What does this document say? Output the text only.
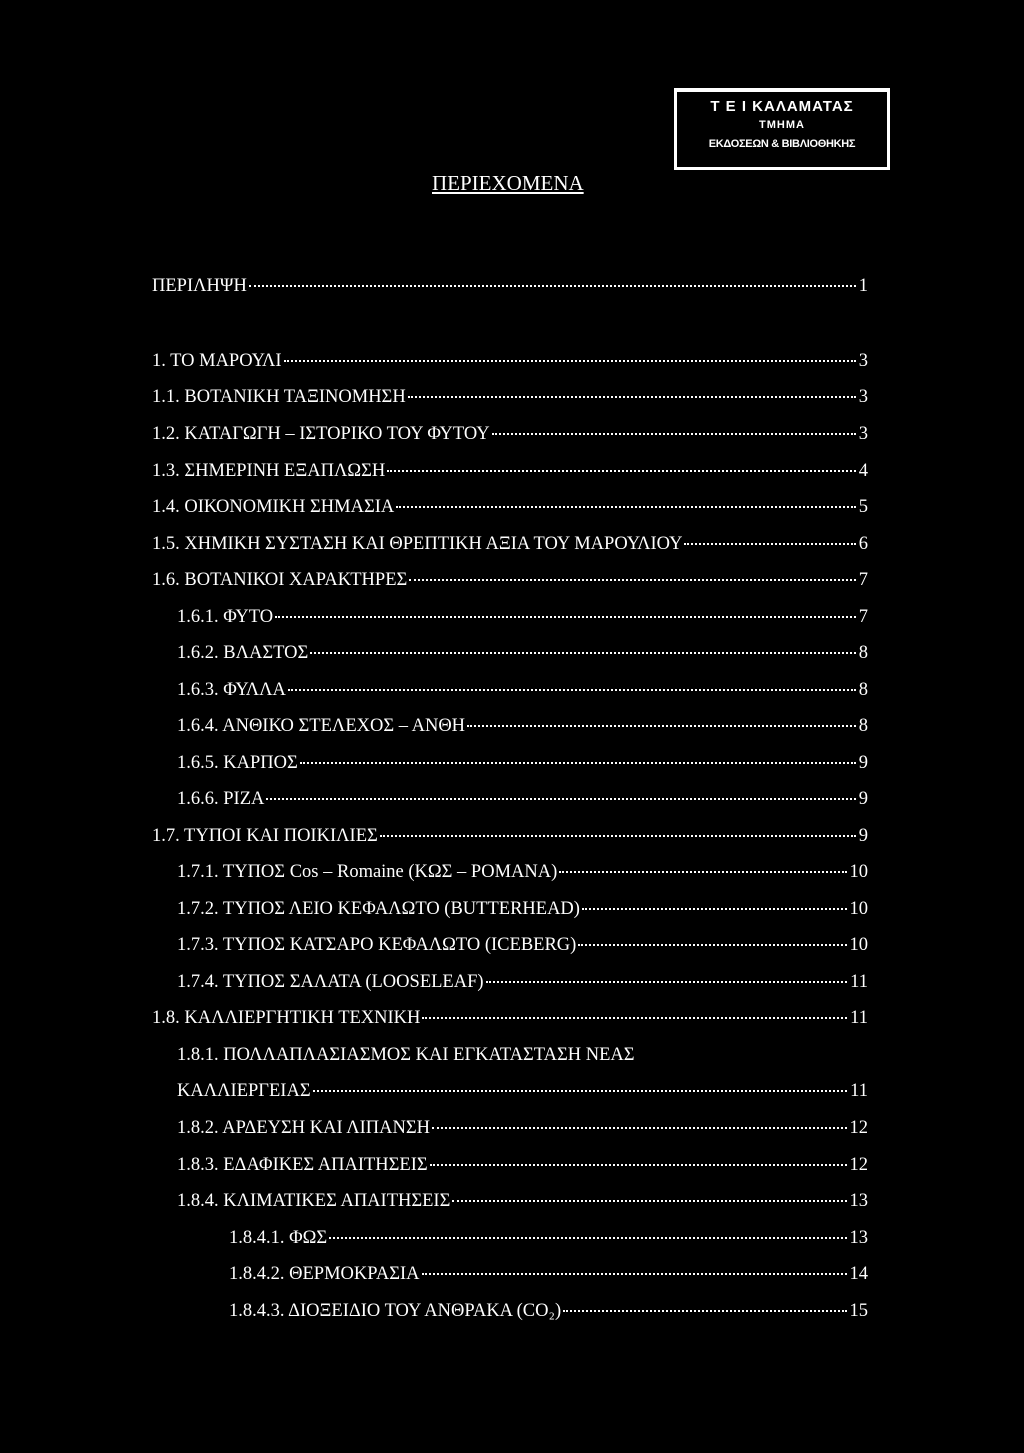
Τ Ε Ι ΚΑΛΑΜΑΤΑΣ
ΤΜΗΜΑ
ΕΚΔΟΣΕΩΝ & ΒΙΒΛΙΟΘΗΚΗΣ
ΠΕΡΙΕΧΟΜΕΝΑ
ΠΕΡΙΛΗΨΗ	1
1. ΤΟ ΜΑΡΟΥΛΙ	3
1.1. ΒΟΤΑΝΙΚΗ ΤΑΞΙΝΟΜΗΣΗ	3
1.2. ΚΑΤΑΓΩΓΗ – ΙΣΤΟΡΙΚΟ ΤΟΥ ΦΥΤΟΥ	3
1.3. ΣΗΜΕΡΙΝΗ ΕΞΑΠΛΩΣΗ	4
1.4. ΟΙΚΟΝΟΜΙΚΗ ΣΗΜΑΣΙΑ	5
1.5. ΧΗΜΙΚΗ ΣΥΣΤΑΣΗ ΚΑΙ ΘΡΕΠΤΙΚΗ ΑΞΙΑ ΤΟΥ ΜΑΡΟΥΛΙΟΥ	6
1.6. ΒΟΤΑΝΙΚΟΙ ΧΑΡΑΚΤΗΡΕΣ	7
1.6.1. ΦΥΤΟ	7
1.6.2. ΒΛΑΣΤΟΣ	8
1.6.3. ΦΥΛΛΑ	8
1.6.4. ΑΝΘΙΚΟ ΣΤΕΛΕΧΟΣ – ΑΝΘΗ	8
1.6.5. ΚΑΡΠΟΣ	9
1.6.6. ΡΙΖΑ	9
1.7. ΤΥΠΟΙ ΚΑΙ ΠΟΙΚΙΛΙΕΣ	9
1.7.1. ΤΥΠΟΣ Cos – Romaine (ΚΩΣ – ΡΟΜΑΝΑ)	10
1.7.2. ΤΥΠΟΣ ΛΕΙΟ ΚΕΦΑΛΩΤΟ (BUTTERHEAD)	10
1.7.3. ΤΥΠΟΣ ΚΑΤΣΑΡΟ ΚΕΦΑΛΩΤΟ (ICEBERG)	10
1.7.4. ΤΥΠΟΣ ΣΑΛΑΤΑ (LOOSELEAF)	11
1.8. ΚΑΛΛΙΕΡΓΗΤΙΚΗ ΤΕΧΝΙΚΗ	11
1.8.1. ΠΟΛΛΑΠΛΑΣΙΑΣΜΟΣ ΚΑΙ ΕΓΚΑΤΑΣΤΑΣΗ ΝΕΑΣ
ΚΑΛΛΙΕΡΓΕΙΑΣ	11
1.8.2. ΑΡΔΕΥΣΗ ΚΑΙ ΛΙΠΑΝΣΗ	12
1.8.3. ΕΔΑΦΙΚΕΣ ΑΠΑΙΤΗΣΕΙΣ	12
1.8.4. ΚΛΙΜΑΤΙΚΕΣ ΑΠΑΙΤΗΣΕΙΣ	13
1.8.4.1. ΦΩΣ	13
1.8.4.2. ΘΕΡΜΟΚΡΑΣΙΑ	14
1.8.4.3. ΔΙΟΞΕΙΔΙΟ ΤΟΥ ΑΝΘΡΑΚΑ (CO₂)	15
